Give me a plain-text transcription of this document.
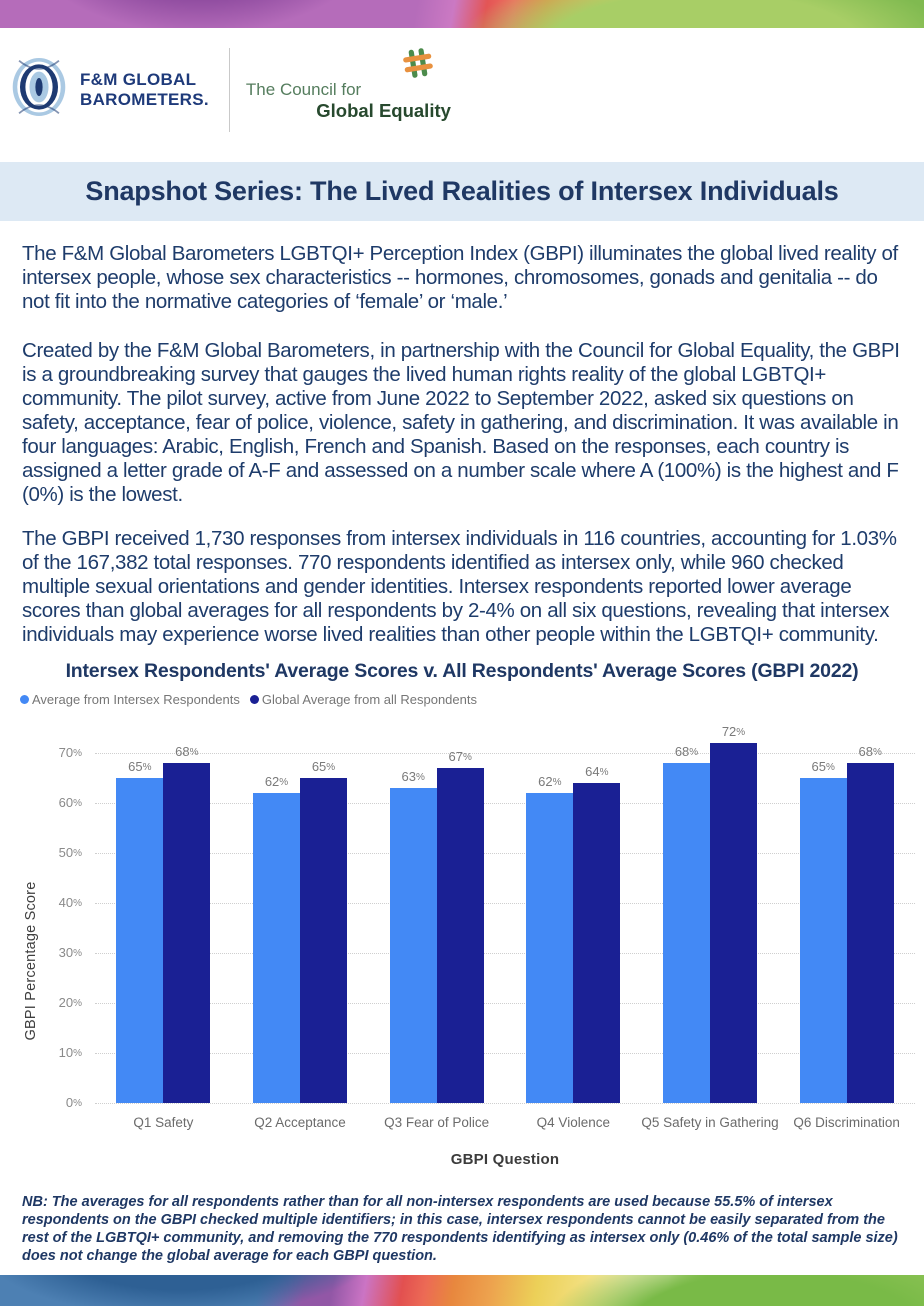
F&M GLOBAL
BAROMETERS.
The Council for
Global Equality
Snapshot Series: The Lived Realities of Intersex Individuals

The F&M Global Barometers LGBTQI+ Perception Index (GBPI) illuminates the global lived reality of intersex people, whose sex characteristics -- hormones, chromosomes, gonads and genitalia -- do not fit into the normative categories of ‘female’ or ‘male.’

Created by the F&M Global Barometers, in partnership with the Council for Global Equality, the GBPI is a groundbreaking survey that gauges the lived human rights reality of the global LGBTQI+ community. The pilot survey, active from June 2022 to September 2022, asked six questions on safety, acceptance, fear of police, violence, safety in gathering, and discrimination. It was available in four languages: Arabic, English, French and Spanish. Based on the responses, each country is assigned a letter grade of A-F and assessed on a number scale where A (100%) is the highest and F (0%) is the lowest.

The GBPI received 1,730 responses from intersex individuals in 116 countries, accounting for 1.03% of the 167,382 total responses. 770 respondents identified as intersex only, while 960 checked multiple sexual orientations and gender identities. Intersex respondents reported lower average scores than global averages for all respondents by 2-4% on all six questions, revealing that intersex individuals may experience worse lived realities than other people within the LGBTQI+ community.

Intersex Respondents' Average Scores v. All Respondents' Average Scores (GBPI 2022)
Average from Intersex Respondents Global Average from all Respondents
GBPI Percentage Score
0%
10%
20%
30%
40%
50%
60%
70%
65%
68%
62%
65%
63%
67%
62%
64%
68%
72%
65%
68%
Q1 Safety	Q2 Acceptance	Q3 Fear of Police	Q4 Violence	Q5 Safety in Gathering	Q6 Discrimination
GBPI Question
NB: The averages for all respondents rather than for all non-intersex respondents are used because 55.5% of intersex respondents on the GBPI checked multiple identifiers; in this case, intersex respondents cannot be easily separated from the rest of the LGBTQI+ community, and removing the 770 respondents identifying as intersex only (0.46% of the total sample size) does not change the global average for each GBPI question.
